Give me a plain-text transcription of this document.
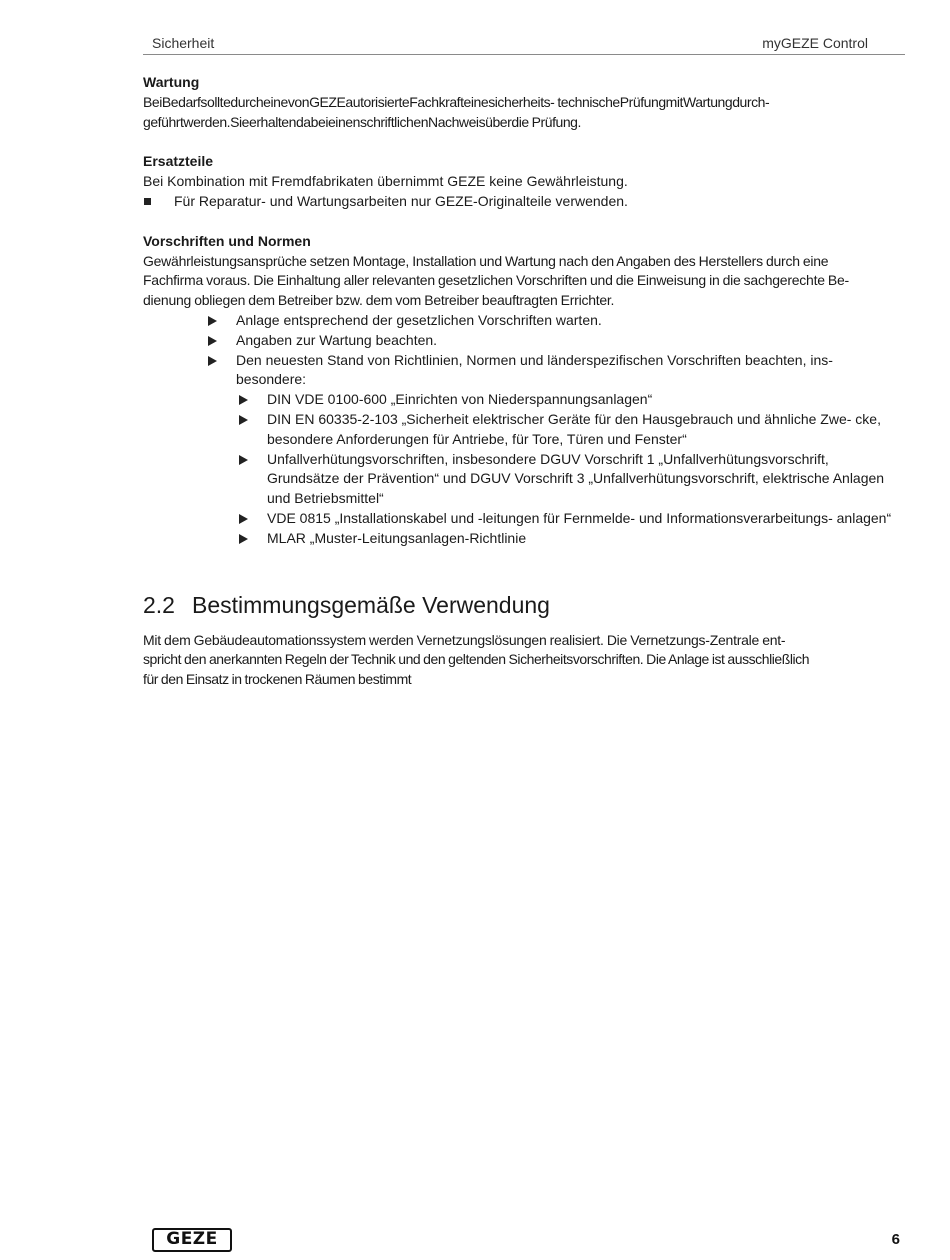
Sicherheit	myGEZE Control

Wartung

BeiBedarfsolltedurcheinevonGEZEautorisierteFachkrafteinesicherheits- technischePrüfungmitWartungdurch-

geführtwerden.SieerhaltendabeieinenschriftlichenNachweisüberdie Prüfung.

Ersatzteile

Bei Kombination mit Fremdfabrikaten übernimmt GEZE keine Gewährleistung.

Für Reparatur- und Wartungsarbeiten nur GEZE-Originalteile verwenden.

Vorschriften und Normen

Gewährleistungsansprüche setzen Montage, Installation und Wartung nach den Angaben des Herstellers durch eine

Fachfirma voraus. Die Einhaltung aller relevanten gesetzlichen Vorschriften und die Einweisung in die sachgerechte Be-

dienung obliegen dem Betreiber bzw. dem vom Betreiber beauftragten Errichter.

Anlage entsprechend der gesetzlichen Vorschriften warten.
Angaben zur Wartung beachten.
Den neuesten Stand von Richtlinien, Normen und länderspezifischen Vorschriften beachten, ins- besondere:
DIN VDE 0100-600 „Einrichten von Niederspannungsanlagen“
DIN EN 60335-2-103 „Sicherheit elektrischer Geräte für den Hausgebrauch und ähnliche Zwe- cke, besondere Anforderungen für Antriebe, für Tore, Türen und Fenster“
Unfallverhütungsvorschriften, insbesondere DGUV Vorschrift 1 „Unfallverhütungsvorschrift, Grundsätze der Prävention“ und DGUV Vorschrift 3 „Unfallverhütungsvorschrift, elektrische Anlagen und Betriebsmittel“
VDE 0815 „Installationskabel und -leitungen für Fernmelde- und Informationsverarbeitungs- anlagen“
MLAR „Muster-Leitungsanlagen-Richtlinie
2.2 Bestimmungsgemäße Verwendung

Mit dem Gebäudeautomationssystem werden Vernetzungslösungen realisiert. Die Vernetzungs-Zentrale ent-

spricht den anerkannten Regeln der Technik und den geltenden Sicherheitsvorschriften. Die Anlage ist ausschließlich

für den Einsatz in trockenen Räumen bestimmt

GEZE	6
